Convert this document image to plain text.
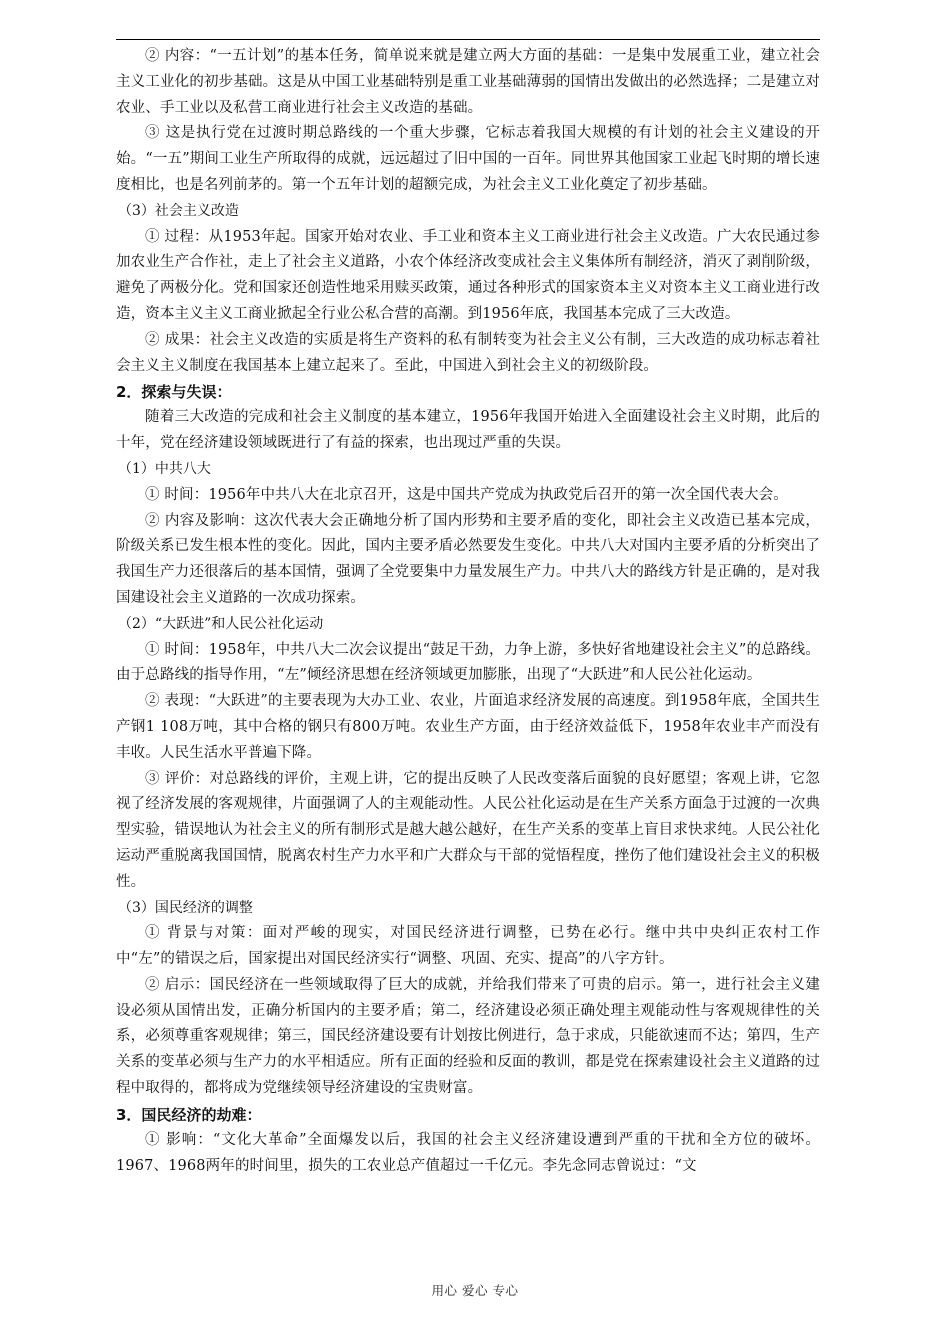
② 内容：“一五计划”的基本任务，简单说来就是建立两大方面的基础：一是集中发展重工业，建立社会主义工业化的初步基础。这是从中国工业基础特别是重工业基础薄弱的国情出发做出的必然选择；二是建立对农业、手工业以及私营工商业进行社会主义改造的基础。

③ 这是执行党在过渡时期总路线的一个重大步骤，它标志着我国大规模的有计划的社会主义建设的开始。“一五”期间工业生产所取得的成就，远远超过了旧中国的一百年。同世界其他国家工业起飞时期的增长速度相比，也是名列前茅的。第一个五年计划的超额完成，为社会主义工业化奠定了初步基础。

（3）社会主义改造

① 过程：从1953年起。国家开始对农业、手工业和资本主义工商业进行社会主义改造。广大农民通过参加农业生产合作社，走上了社会主义道路，小农个体经济改变成社会主义集体所有制经济，消灭了剥削阶级，避免了两极分化。党和国家还创造性地采用赎买政策，通过各种形式的国家资本主义对资本主义工商业进行改造，资本主义主义工商业掀起全行业公私合营的高潮。到1956年底，我国基本完成了三大改造。

② 成果：社会主义改造的实质是将生产资料的私有制转变为社会主义公有制，三大改造的成功标志着社会主义主义制度在我国基本上建立起来了。至此，中国进入到社会主义的初级阶段。

2．探索与失误：

随着三大改造的完成和社会主义制度的基本建立，1956年我国开始进入全面建设社会主义时期，此后的十年，党在经济建设领域既进行了有益的探索，也出现过严重的失误。

（1）中共八大

① 时间：1956年中共八大在北京召开，这是中国共产党成为执政党后召开的第一次全国代表大会。

② 内容及影响：这次代表大会正确地分析了国内形势和主要矛盾的变化，即社会主义改造已基本完成，阶级关系已发生根本性的变化。因此，国内主要矛盾必然要发生变化。中共八大对国内主要矛盾的分析突出了我国生产力还很落后的基本国情，强调了全党要集中力量发展生产力。中共八大的路线方针是正确的，是对我国建设社会主义道路的一次成功探索。

（2）“大跃进”和人民公社化运动

① 时间：1958年，中共八大二次会议提出“鼓足干劲，力争上游，多快好省地建设社会主义”的总路线。由于总路线的指导作用，“左”倾经济思想在经济领域更加膨胀，出现了“大跃进”和人民公社化运动。

② 表现：“大跃进”的主要表现为大办工业、农业，片面追求经济发展的高速度。到1958年底，全国共生产钢1 108万吨，其中合格的钢只有800万吨。农业生产方面，由于经济效益低下，1958年农业丰产而没有丰收。人民生活水平普遍下降。

③ 评价：对总路线的评价，主观上讲，它的提出反映了人民改变落后面貌的良好愿望；客观上讲，它忽视了经济发展的客观规律，片面强调了人的主观能动性。人民公社化运动是在生产关系方面急于过渡的一次典型实验，错误地认为社会主义的所有制形式是越大越公越好，在生产关系的变革上盲目求快求纯。人民公社化运动严重脱离我国国情，脱离农村生产力水平和广大群众与干部的觉悟程度，挫伤了他们建设社会主义的积极性。

（3）国民经济的调整

① 背景与对策：面对严峻的现实，对国民经济进行调整，已势在必行。继中共中央纠正农村工作中“左”的错误之后，国家提出对国民经济实行“调整、巩固、充实、提高”的八字方针。

② 启示：国民经济在一些领域取得了巨大的成就，并给我们带来了可贵的启示。第一，进行社会主义建设必须从国情出发，正确分析国内的主要矛盾；第二，经济建设必须正确处理主观能动性与客观规律性的关系，必须尊重客观规律；第三，国民经济建设要有计划按比例进行，急于求成，只能欲速而不达；第四，生产关系的变革必须与生产力的水平相适应。所有正面的经验和反面的教训，都是党在探索建设社会主义道路的过程中取得的，都将成为党继续领导经济建设的宝贵财富。

3．国民经济的劫难：

① 影响：“文化大革命”全面爆发以后，我国的社会主义经济建设遭到严重的干扰和全方位的破坏。1967、1968两年的时间里，损失的工农业总产值超过一千亿元。李先念同志曾说过：“文

用心 爱心 专心
